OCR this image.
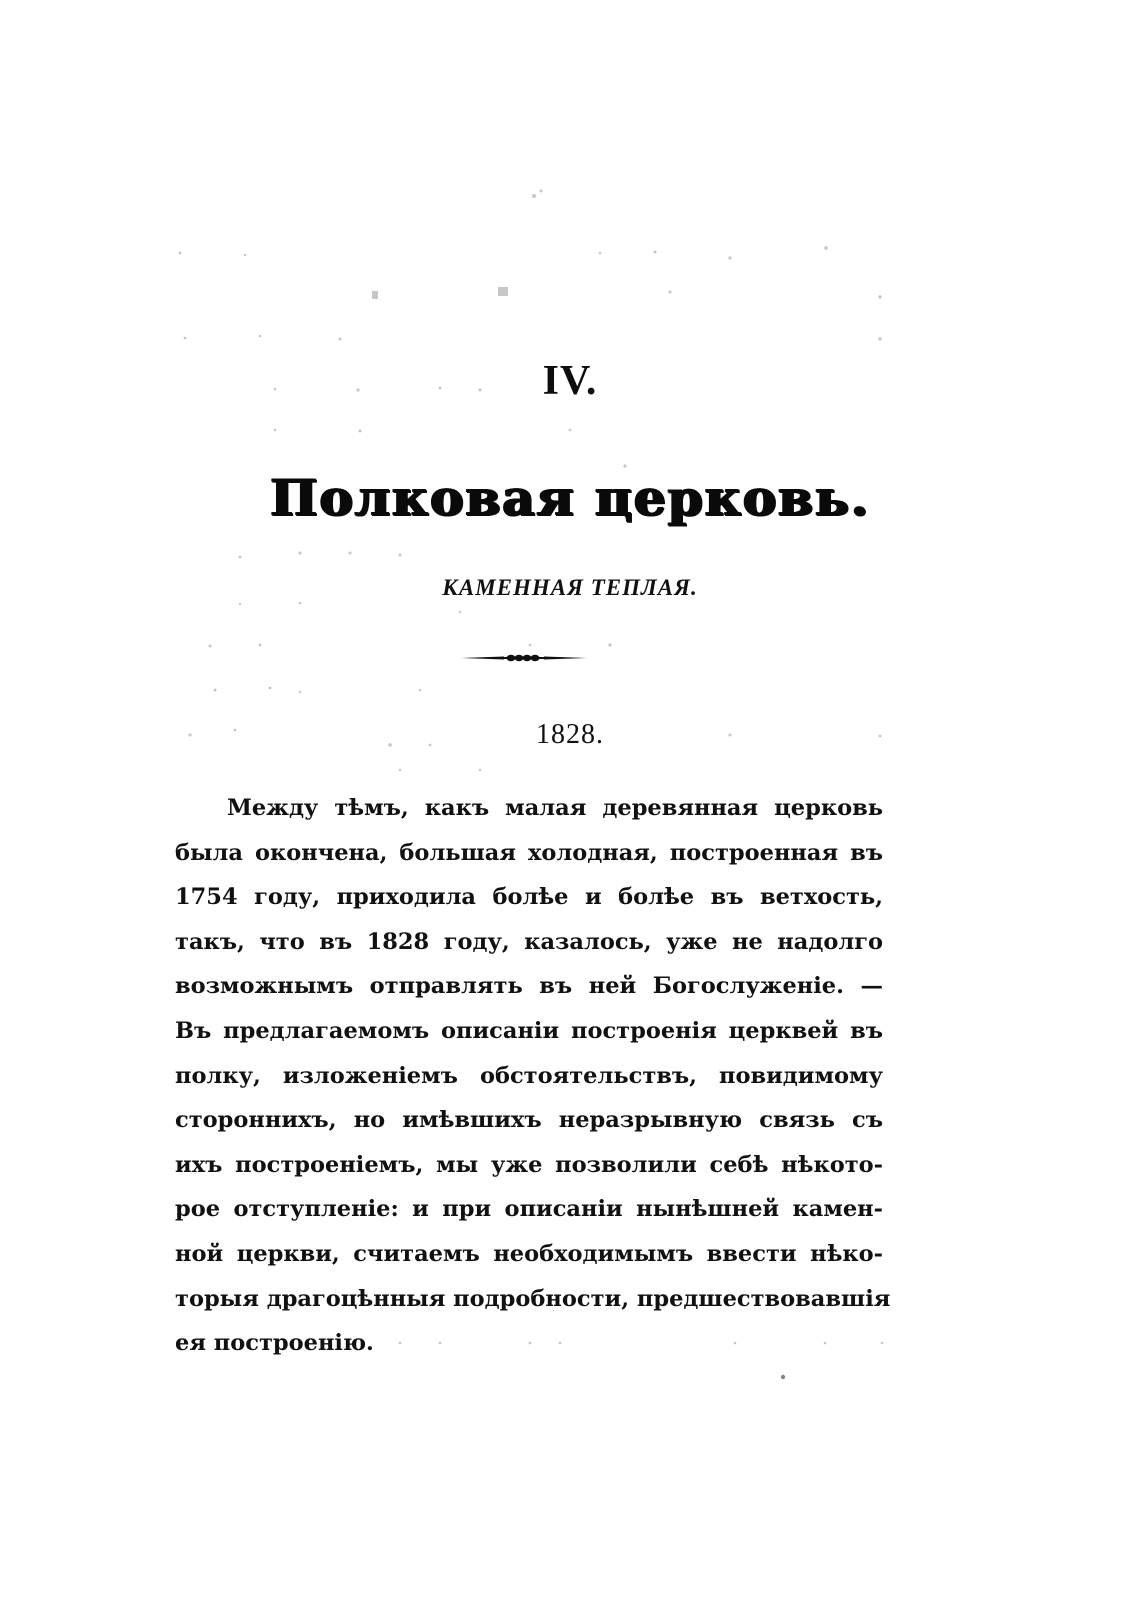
IV.
Полковая церковь.
КАМЕННАЯ ТЕПЛАЯ.
1828.
Между тѣмъ, какъ малая деревянная церковь
была окончена, большая холодная, построенная въ
1754 году, приходила болѣе и болѣе въ ветхость,
такъ, что въ 1828 году, казалось, уже не надолго
возможнымъ отправлять въ ней Богослуженіе. —
Въ предлагаемомъ описаніи построенія церквей въ
полку, изложеніемъ обстоятельствъ, повидимому
стороннихъ, но имѣвшихъ неразрывную связь съ
ихъ построеніемъ, мы уже позволили себѣ нѣкото-
рое отступленіе: и при описаніи нынѣшней камен-
ной церкви, считаемъ необходимымъ ввести нѣко-
торыя драгоцѣнныя подробности, предшествовавшія
ея построенію.
